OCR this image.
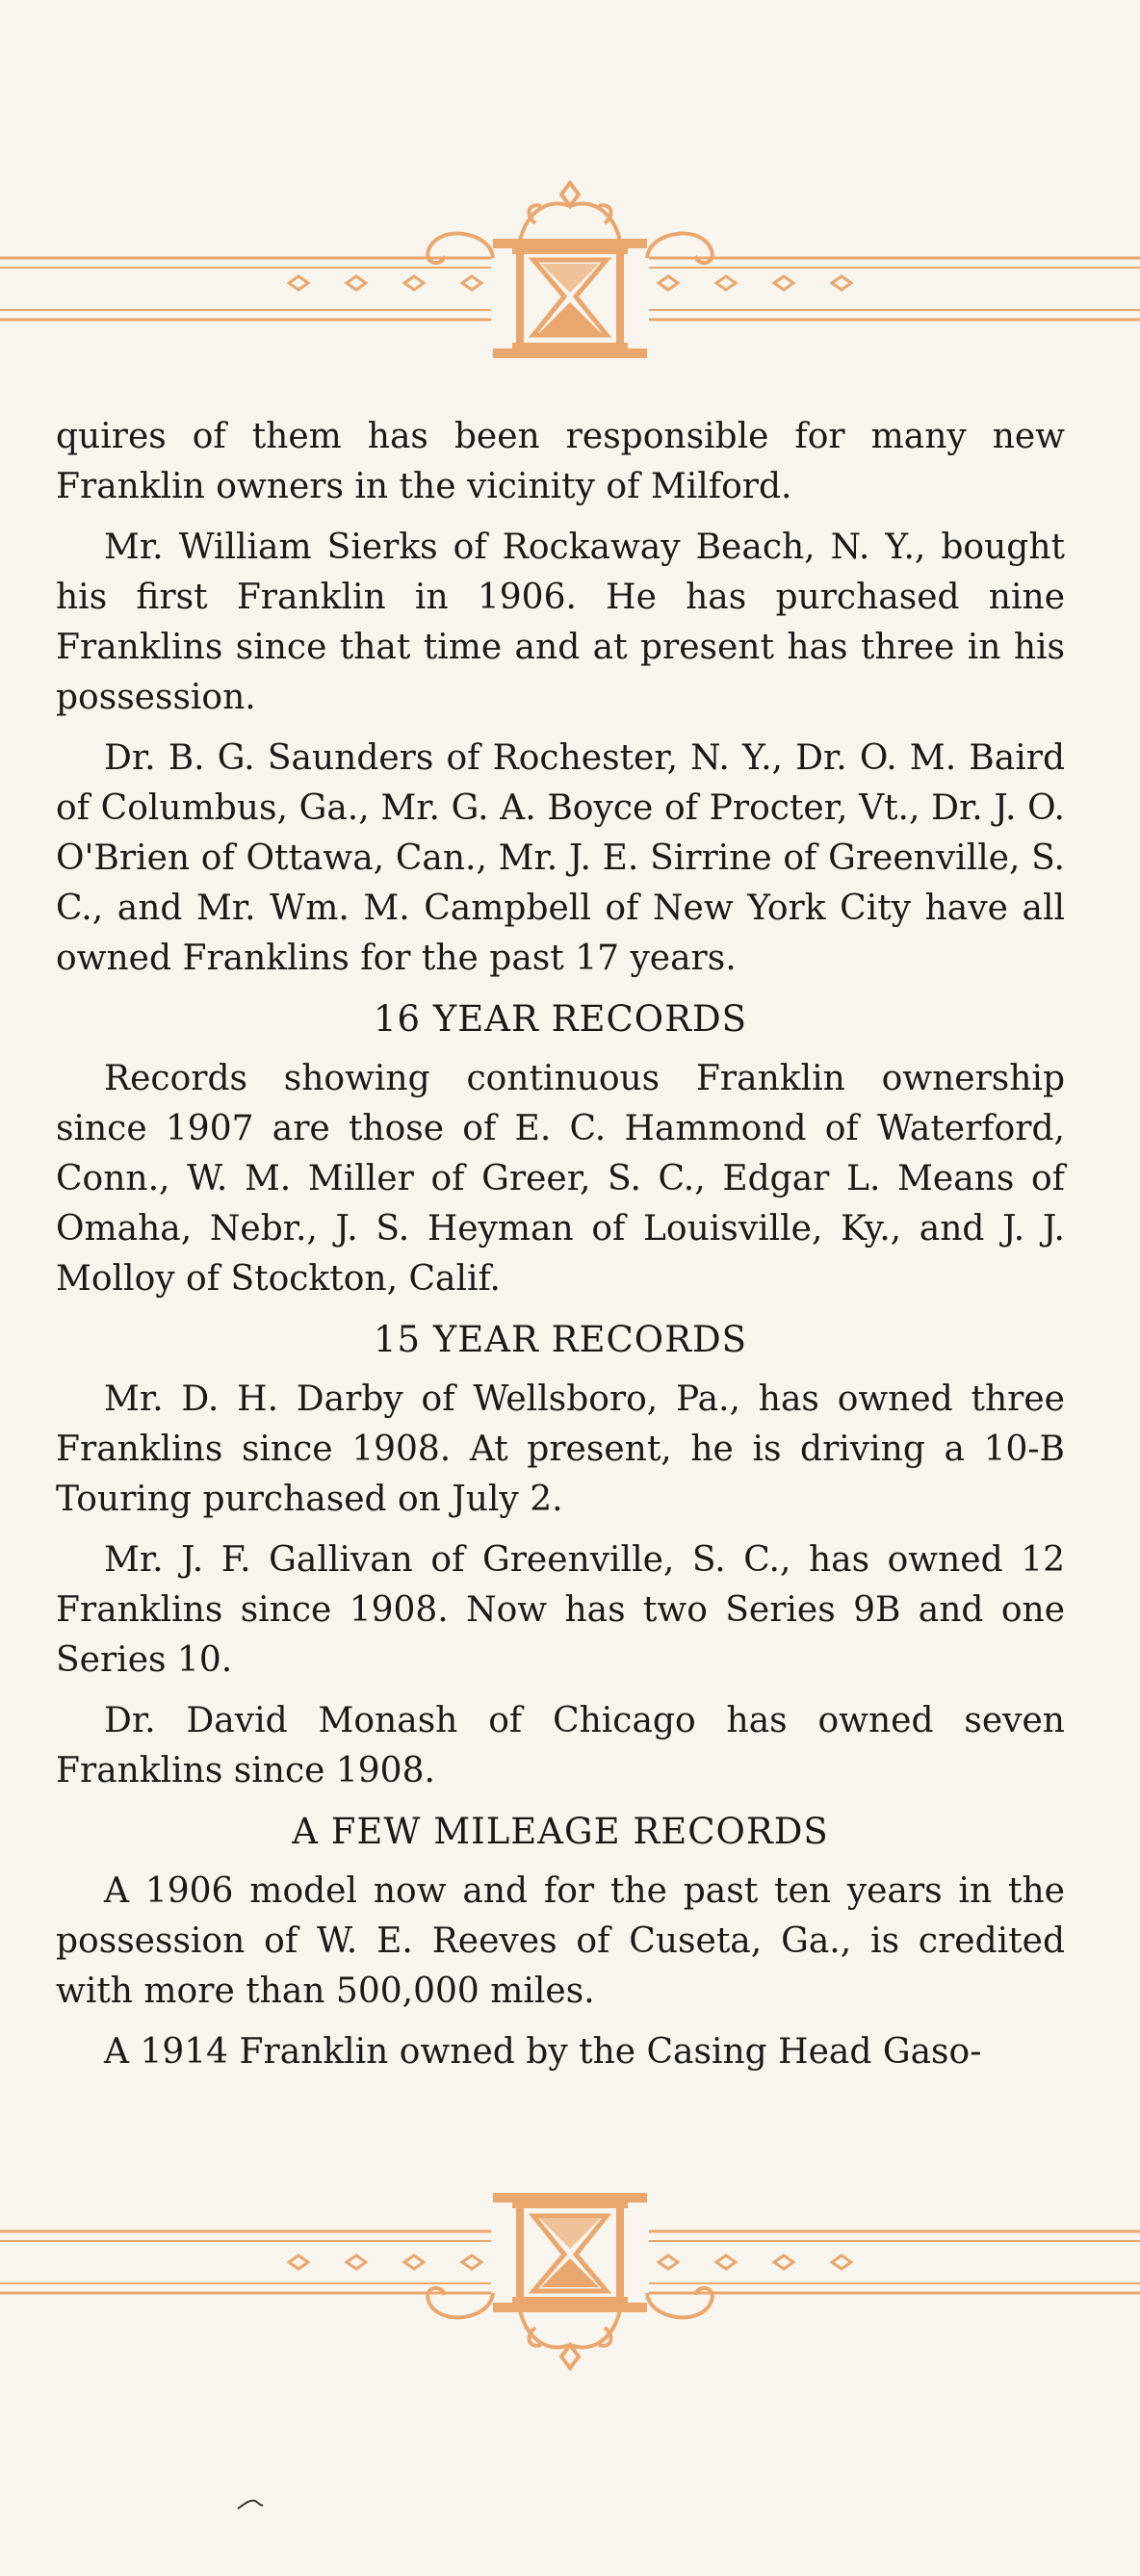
quires of them has been responsible for many new Franklin owners in the vicinity of Milford.

Mr. William Sierks of Rockaway Beach, N. Y., bought his first Franklin in 1906. He has purchased nine Franklins since that time and at present has three in his possession.

Dr. B. G. Saunders of Rochester, N. Y., Dr. O. M. Baird of Columbus, Ga., Mr. G. A. Boyce of Procter, Vt., Dr. J. O. O'Brien of Ottawa, Can., Mr. J. E. Sirrine of Greenville, S. C., and Mr. Wm. M. Campbell of New York City have all owned Franklins for the past 17 years.

16 YEAR RECORDS

Records showing continuous Franklin ownership since 1907 are those of E. C. Hammond of Waterford, Conn., W. M. Miller of Greer, S. C., Edgar L. Means of Omaha, Nebr., J. S. Heyman of Louisville, Ky., and J. J. Molloy of Stockton, Calif.

15 YEAR RECORDS

Mr. D. H. Darby of Wellsboro, Pa., has owned three Franklins since 1908. At present, he is driving a 10-B Touring purchased on July 2.

Mr. J. F. Gallivan of Greenville, S. C., has owned 12 Franklins since 1908. Now has two Series 9B and one Series 10.

Dr. David Monash of Chicago has owned seven Franklins since 1908.

A FEW MILEAGE RECORDS

A 1906 model now and for the past ten years in the possession of W. E. Reeves of Cuseta, Ga., is credited with more than 500,000 miles.

A 1914 Franklin owned by the Casing Head Gaso-
